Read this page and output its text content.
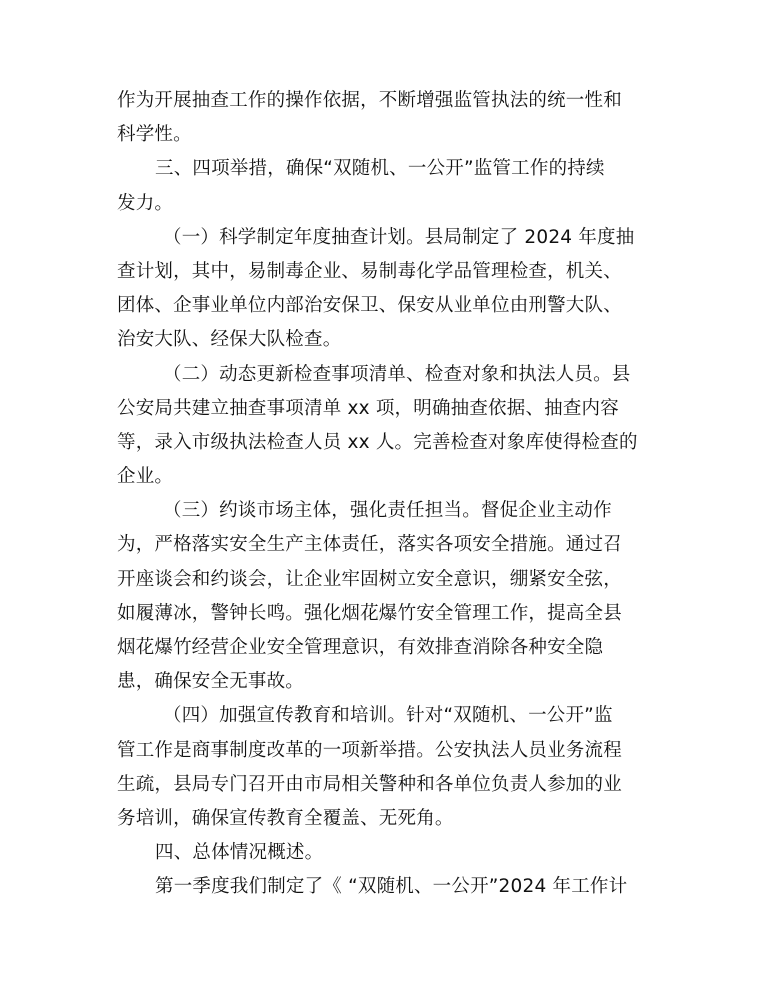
作为开展抽查工作的操作依据，不断增强监管执法的统一性和
科学性。
三、四项举措，确保“双随机、一公开”监管工作的持续
发力。
（一）科学制定年度抽查计划。县局制定了 2024 年度抽
查计划，其中，易制毒企业、易制毒化学品管理检查，机关、
团体、企事业单位内部治安保卫、保安从业单位由刑警大队、
治安大队、经保大队检查。
（二）动态更新检查事项清单、检查对象和执法人员。县
公安局共建立抽查事项清单 xx 项，明确抽查依据、抽查内容
等，录入市级执法检查人员 xx 人。完善检查对象库使得检查的
企业。
（三）约谈市场主体，强化责任担当。督促企业主动作
为，严格落实安全生产主体责任，落实各项安全措施。通过召
开座谈会和约谈会，让企业牢固树立安全意识，绷紧安全弦，
如履薄冰，警钟长鸣。强化烟花爆竹安全管理工作，提高全县
烟花爆竹经营企业安全管理意识，有效排查消除各种安全隐
患，确保安全无事故。
（四）加强宣传教育和培训。针对“双随机、一公开”监
管工作是商事制度改革的一项新举措。公安执法人员业务流程
生疏，县局专门召开由市局相关警种和各单位负责人参加的业
务培训，确保宣传教育全覆盖、无死角。
四、总体情况概述。
第一季度我们制定了《 “双随机、一公开”2024 年工作计
